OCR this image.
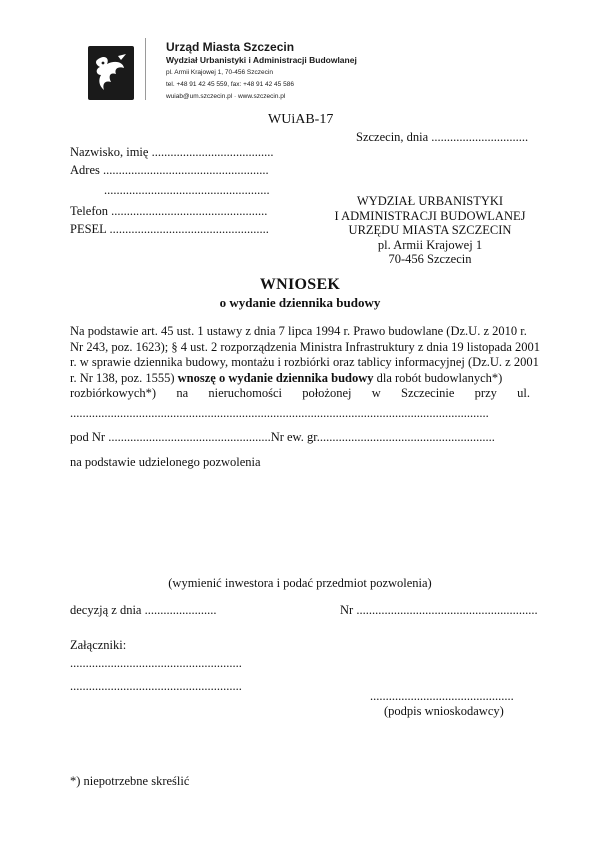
Urząd Miasta Szczecin
Wydział Urbanistyki i Administracji Budowlanej
pl. Armii Krajowej 1, 70-456 Szczecin
tel. +48 91 42 45 559, fax: +48 91 42 45 586
wuiab@um.szczecin.pl · www.szczecin.pl
WUiAB-17
Szczecin, dnia ...............................
Nazwisko, imię .......................................
Adres .....................................................
.....................................................
Telefon ..................................................
PESEL ...................................................
WYDZIAŁ URBANISTYKI
I ADMINISTRACJI BUDOWLANEJ
URZĘDU MIASTA SZCZECIN
pl. Armii Krajowej 1
70-456 Szczecin
WNIOSEK
o wydanie dziennika budowy
Na podstawie art. 45 ust. 1 ustawy z dnia 7 lipca 1994 r. Prawo budowlane (Dz.U. z 2010 r.
Nr 243, poz. 1623); § 4 ust. 2 rozporządzenia Ministra Infrastruktury z dnia 19 listopada 2001
r. w sprawie dziennika budowy, montażu i rozbiórki oraz tablicy informacyjnej (Dz.U. z 2001
r. Nr 138, poz. 1555) wnoszę o wydanie dziennika budowy dla robót budowlanych*)
rozbiórkowych*) na nieruchomości położonej w Szczecinie przy ul.
......................................................................................................................................
pod Nr ....................................................Nr ew. gr.........................................................
na podstawie udzielonego pozwolenia
(wymienić inwestora i podać przedmiot pozwolenia)
decyzją z dnia .......................	Nr ..........................................................
Załączniki:
.......................................................
.......................................................
..............................................
(podpis wnioskodawcy)
*) niepotrzebne skreślić
